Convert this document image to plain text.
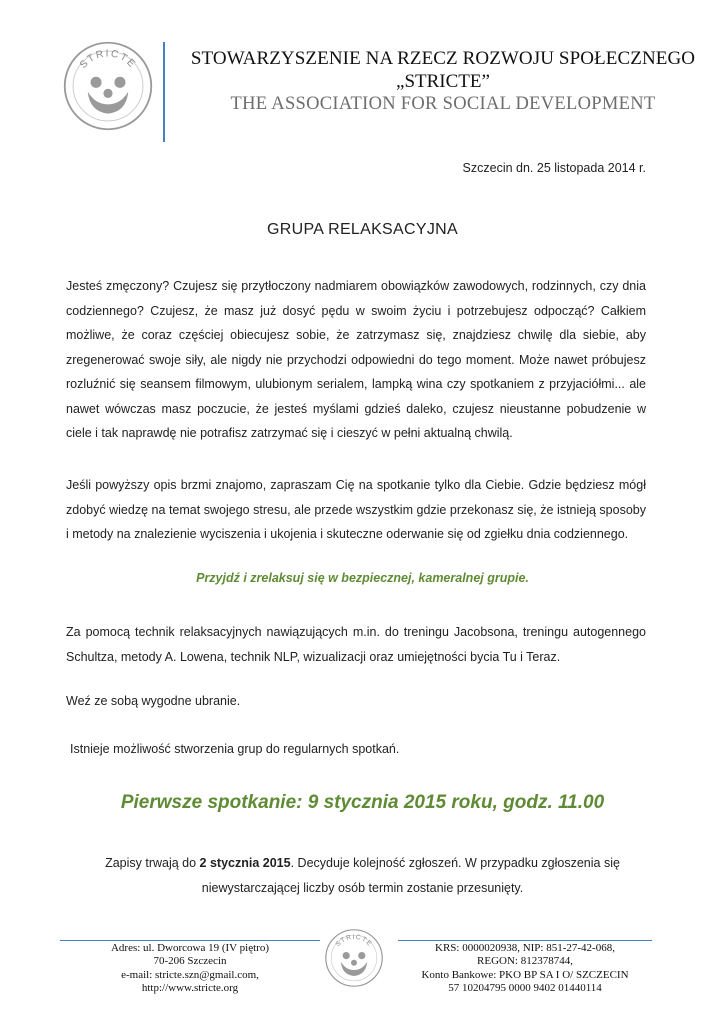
STRICTE	STOWARZYSZENIE NA RZECZ ROZWOJU SPOŁECZNEGO
„STRICTE”
THE ASSOCIATION FOR SOCIAL DEVELOPMENT
Szczecin dn. 25 listopada 2014 r.
GRUPA RELAKSACYJNA
Jesteś zmęczony? Czujesz się przytłoczony nadmiarem obowiązków zawodowych, rodzinnych, czy dnia codziennego? Czujesz, że masz już dosyć pędu w swoim życiu i potrzebujesz odpocząć? Całkiem możliwe, że coraz częściej obiecujesz sobie, że zatrzymasz się, znajdziesz chwilę dla siebie, aby zregenerować swoje siły, ale nigdy nie przychodzi odpowiedni do tego moment. Może nawet próbujesz rozluźnić się seansem filmowym, ulubionym serialem, lampką wina czy spotkaniem z przyjaciółmi... ale nawet wówczas masz poczucie, że jesteś myślami gdzieś daleko, czujesz nieustanne pobudzenie w ciele i tak naprawdę nie potrafisz zatrzymać się i cieszyć w pełni aktualną chwilą.
Jeśli powyższy opis brzmi znajomo, zapraszam Cię na spotkanie tylko dla Ciebie. Gdzie będziesz mógł zdobyć wiedzę na temat swojego stresu, ale przede wszystkim gdzie przekonasz się, że istnieją sposoby i metody na znalezienie wyciszenia i ukojenia i skuteczne oderwanie się od zgiełku dnia codziennego.
Przyjdź i zrelaksuj się w bezpiecznej, kameralnej grupie.
Za pomocą technik relaksacyjnych nawiązujących m.in. do treningu Jacobsona, treningu autogennego Schultza, metody A. Lowena, technik NLP, wizualizacji oraz umiejętności bycia Tu i Teraz.
Weź ze sobą wygodne ubranie.
Istnieje możliwość stworzenia grup do regularnych spotkań.
Pierwsze spotkanie: 9 stycznia 2015 roku, godz. 11.00
Zapisy trwają do 2 stycznia 2015. Decyduje kolejność zgłoszeń. W przypadku zgłoszenia się
niewystarczającej liczby osób termin zostanie przesunięty.
STRICTE
Adres: ul. Dworcowa 19 (IV piętro)
70-206 Szczecin
e-mail: stricte.szn@gmail.com,
http://www.stricte.org
KRS: 0000020938, NIP: 851-27-42-068,
REGON: 812378744,
Konto Bankowe: PKO BP SA I O/ SZCZECIN
57 10204795 0000 9402 01440114
